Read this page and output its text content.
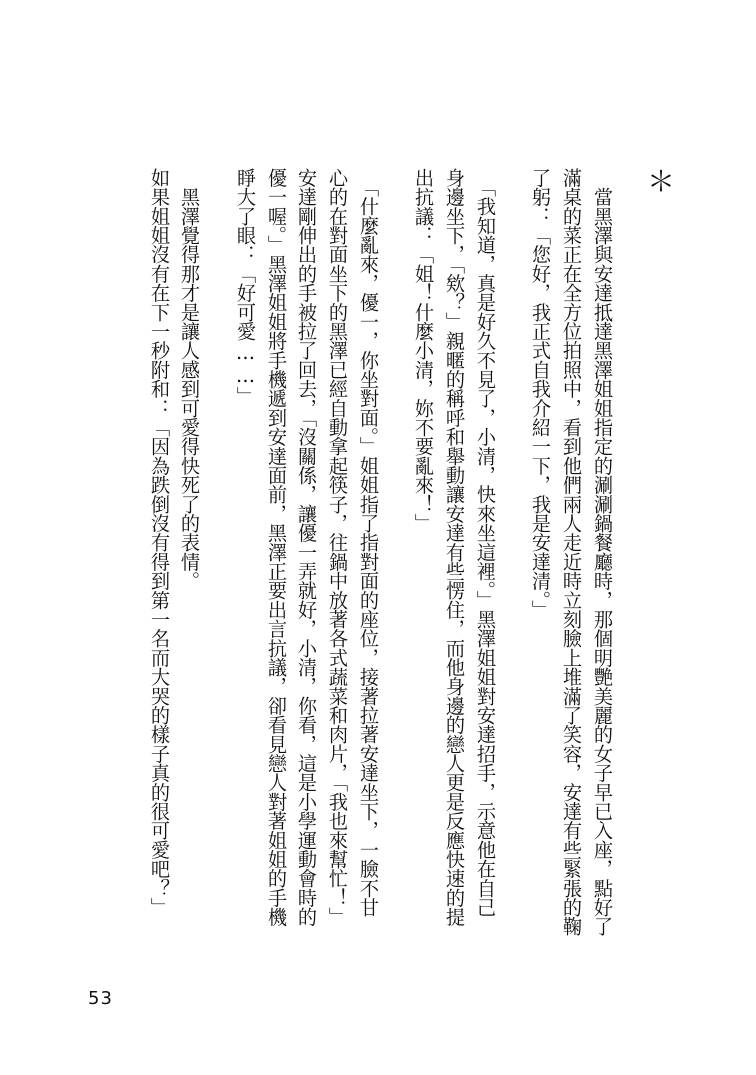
＊
　當黑澤與安達抵達黑澤姐姐指定的涮涮鍋餐廳時，那個明艷美麗的女子早已入座，點好了
滿桌的菜正在全方位拍照中，看到他們兩人走近時立刻臉上堆滿了笑容，安達有些緊張的鞠
了躬：「您好，我正式自我介紹一下，我是安達清。」
　「我知道，真是好久不見了，小清，快來坐這裡。」黑澤姐姐對安達招手，示意他在自己
身邊坐下，「欸？」親暱的稱呼和舉動讓安達有些愣住，而他身邊的戀人更是反應快速的提
出抗議：「姐！什麼小清，妳不要亂來！」
　「什麼亂來，優一，你坐對面。」姐姐指了指對面的座位，接著拉著安達坐下，一臉不甘
心的在對面坐下的黑澤已經自動拿起筷子，往鍋中放著各式蔬菜和肉片，「我也來幫忙！」
安達剛伸出的手被拉了回去，「沒關係，讓優一弄就好，小清，你看，這是小學運動會時的
優一喔。」黑澤姐姐將手機遞到安達面前，黑澤正要出言抗議，卻看見戀人對著姐姐的手機
睜大了眼：「好可愛……」
　黑澤覺得那才是讓人感到可愛得快死了的表情。
如果姐姐沒有在下一秒附和：「因為跌倒沒有得到第一名而大哭的樣子真的很可愛吧？」
53
